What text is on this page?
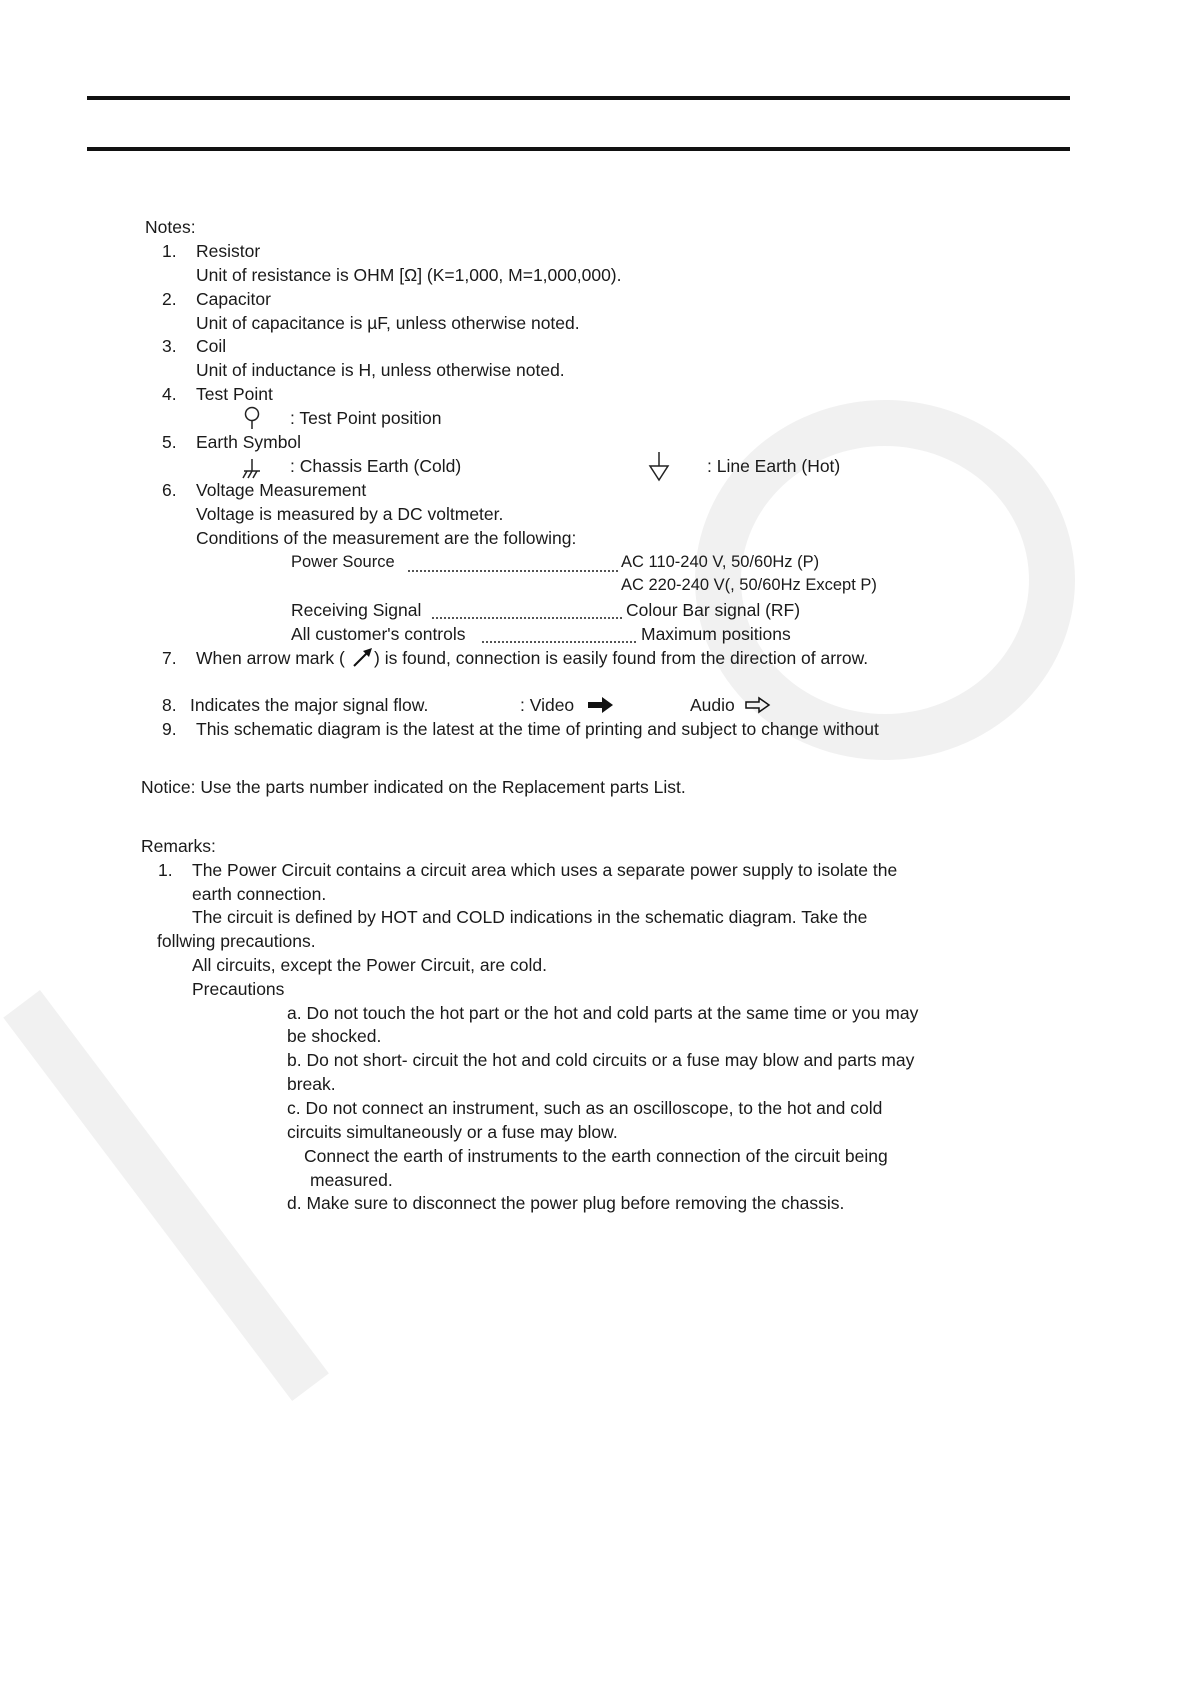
Notes:
1. Resistor
Unit of resistance is OHM [Ω] (K=1,000, M=1,000,000).
2. Capacitor
Unit of capacitance is µF, unless otherwise noted.
3. Coil
Unit of inductance is H, unless otherwise noted.
4. Test Point
: Test Point position
5. Earth Symbol
: Chassis Earth (Cold)	: Line Earth (Hot)
6. Voltage Measurement
Voltage is measured by a DC voltmeter.
Conditions of the measurement are the following:
Power Source	AC 110-240 V, 50/60Hz (P)
AC 220-240 V(, 50/60Hz Except P)
Receiving Signal	Colour Bar signal (RF)
All customer's controls	Maximum positions
7. When arrow mark ( ) is found, connection is easily found from the direction of arrow.
8. Indicates the major signal flow.	: Video	Audio
9. This schematic diagram is the latest at the time of printing and subject to change without
Notice: Use the parts number indicated on the Replacement parts List.
Remarks:
1. The Power Circuit contains a circuit area which uses a separate power supply to isolate the
earth connection.
The circuit is defined by HOT and COLD indications in the schematic diagram. Take the
follwing precautions.
All circuits, except the Power Circuit, are cold.
Precautions
a. Do not touch the hot part or the hot and cold parts at the same time or you may
be shocked.
b. Do not short- circuit the hot and cold circuits or a fuse may blow and parts may
break.
c. Do not connect an instrument, such as an oscilloscope, to the hot and cold
circuits simultaneously or a fuse may blow.
Connect the earth of instruments to the earth connection of the circuit being
measured.
d. Make sure to disconnect the power plug before removing the chassis.
